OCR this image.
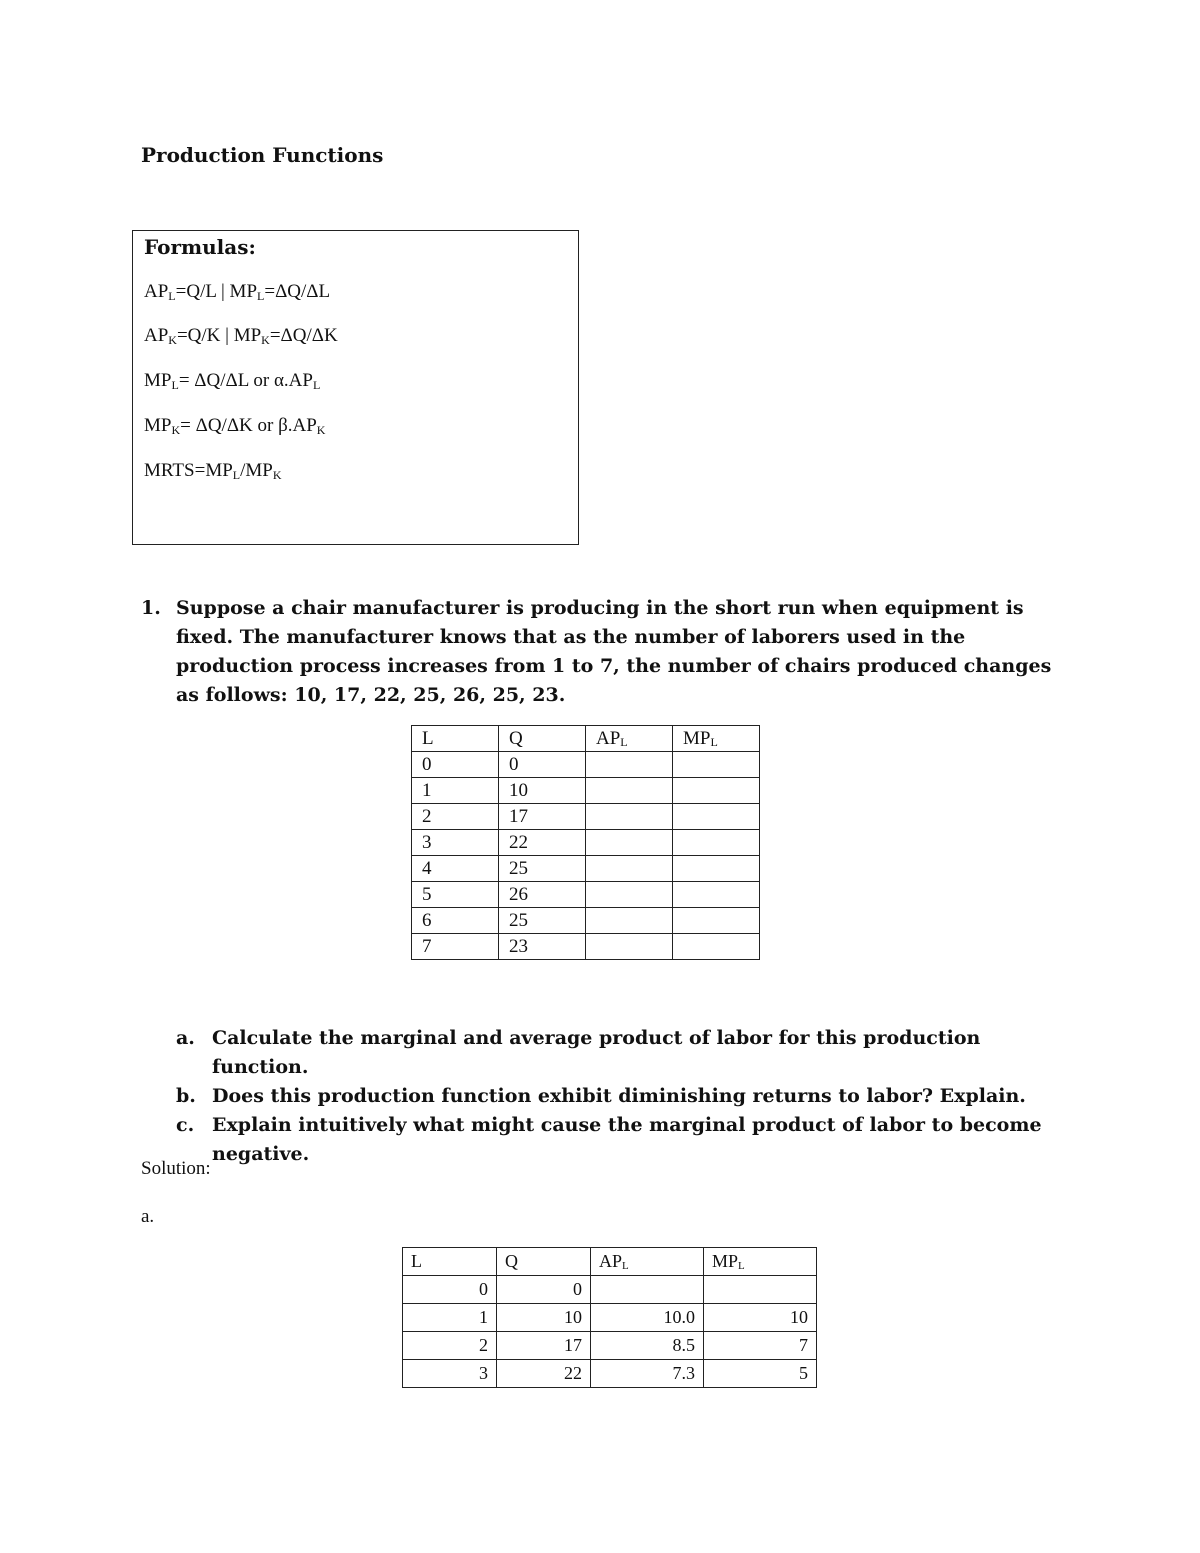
Production Functions
Formulas:
$AP_L=Q/L$ | $MP_L=\Delta Q/\Delta L$
$AP_K=Q/K$ | $MP_K=\Delta Q/\Delta K$
$MP_L= \Delta Q/\Delta L$ or $\alpha.AP_L$
$MP_K= \Delta Q/\Delta K$ or $\beta.AP_K$
$MRTS=MP_L/MP_K$
1. Suppose a chair manufacturer is producing in the short run when equipment is fixed. The manufacturer knows that as the number of laborers used in the production process increases from 1 to 7, the number of chairs produced changes as follows: 10, 17, 22, 25, 26, 25, 23.
L	Q	$AP_L$	$MP_L$
0	0		
1	10		
2	17		
3	22		
4	25		
5	26		
6	25		
7	23		
a. Calculate the marginal and average product of labor for this production function.
b. Does this production function exhibit diminishing returns to labor? Explain.
c. Explain intuitively what might cause the marginal product of labor to become negative.
Solution:
a.
L	Q	$AP_L$	$MP_L$
0	0		
1	10	10.0	10
2	17	8.5	7
3	22	7.3	5
